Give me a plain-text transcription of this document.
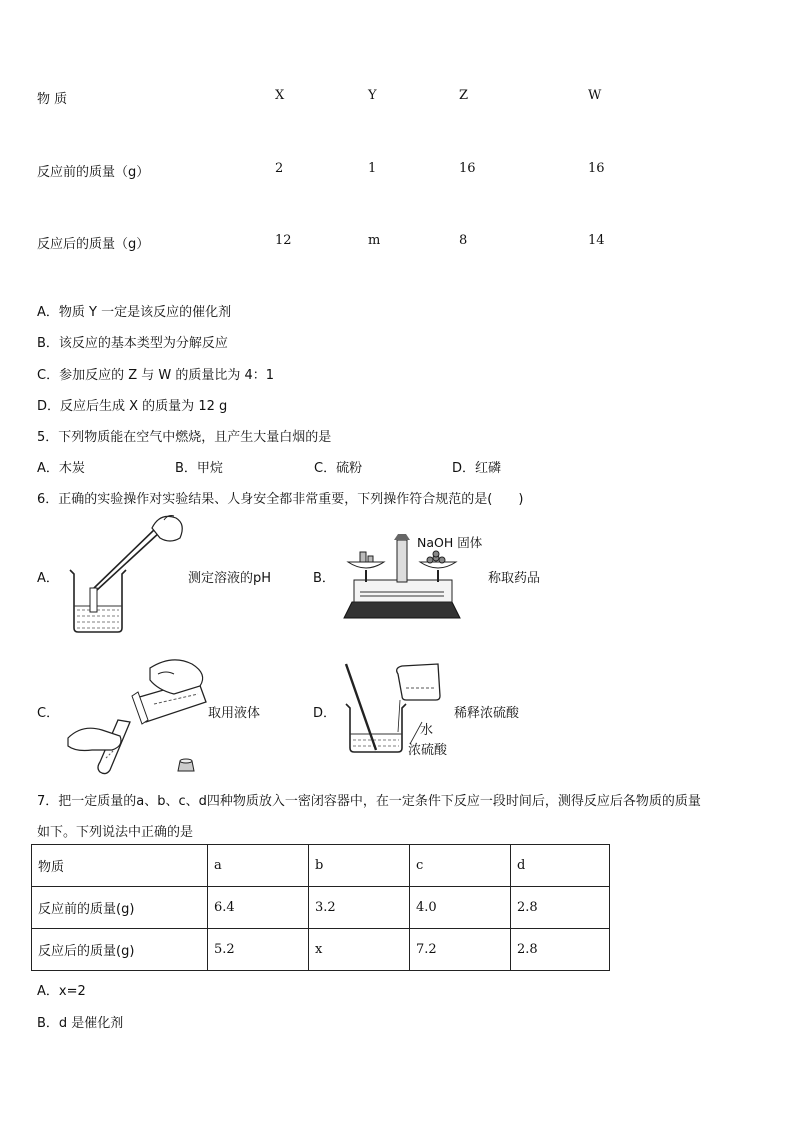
物 质	X	Y	Z	W
反应前的质量（g）	2	1	16	16
反应后的质量（g）	12	m	8	14
A．物质 Y 一定是该反应的催化剂
B．该反应的基本类型为分解反应
C．参加反应的 Z 与 W 的质量比为 4：1
D．反应后生成 X 的质量为 12 g
5．下列物质能在空气中燃烧，且产生大量白烟的是
A．木炭	B．甲烷	C．硫粉	D．红磷
6．正确的实验操作对实验结果、人身安全都非常重要，下列操作符合规范的是(　　)
A．	测定溶液的pH	B．
NaOH 固体
称取药品
C．	取用液体	D．
水
浓硫酸
稀释浓硫酸
7．把一定质量的a、b、c、d四种物质放入一密闭容器中，在一定条件下反应一段时间后，测得反应后各物质的质量
如下。下列说法中正确的是
物质	a	b	c	d
反应前的质量(g)	6.4	3.2	4.0	2.8
反应后的质量(g)	5.2	x	7.2	2.8
A．x=2
B．d 是催化剂
